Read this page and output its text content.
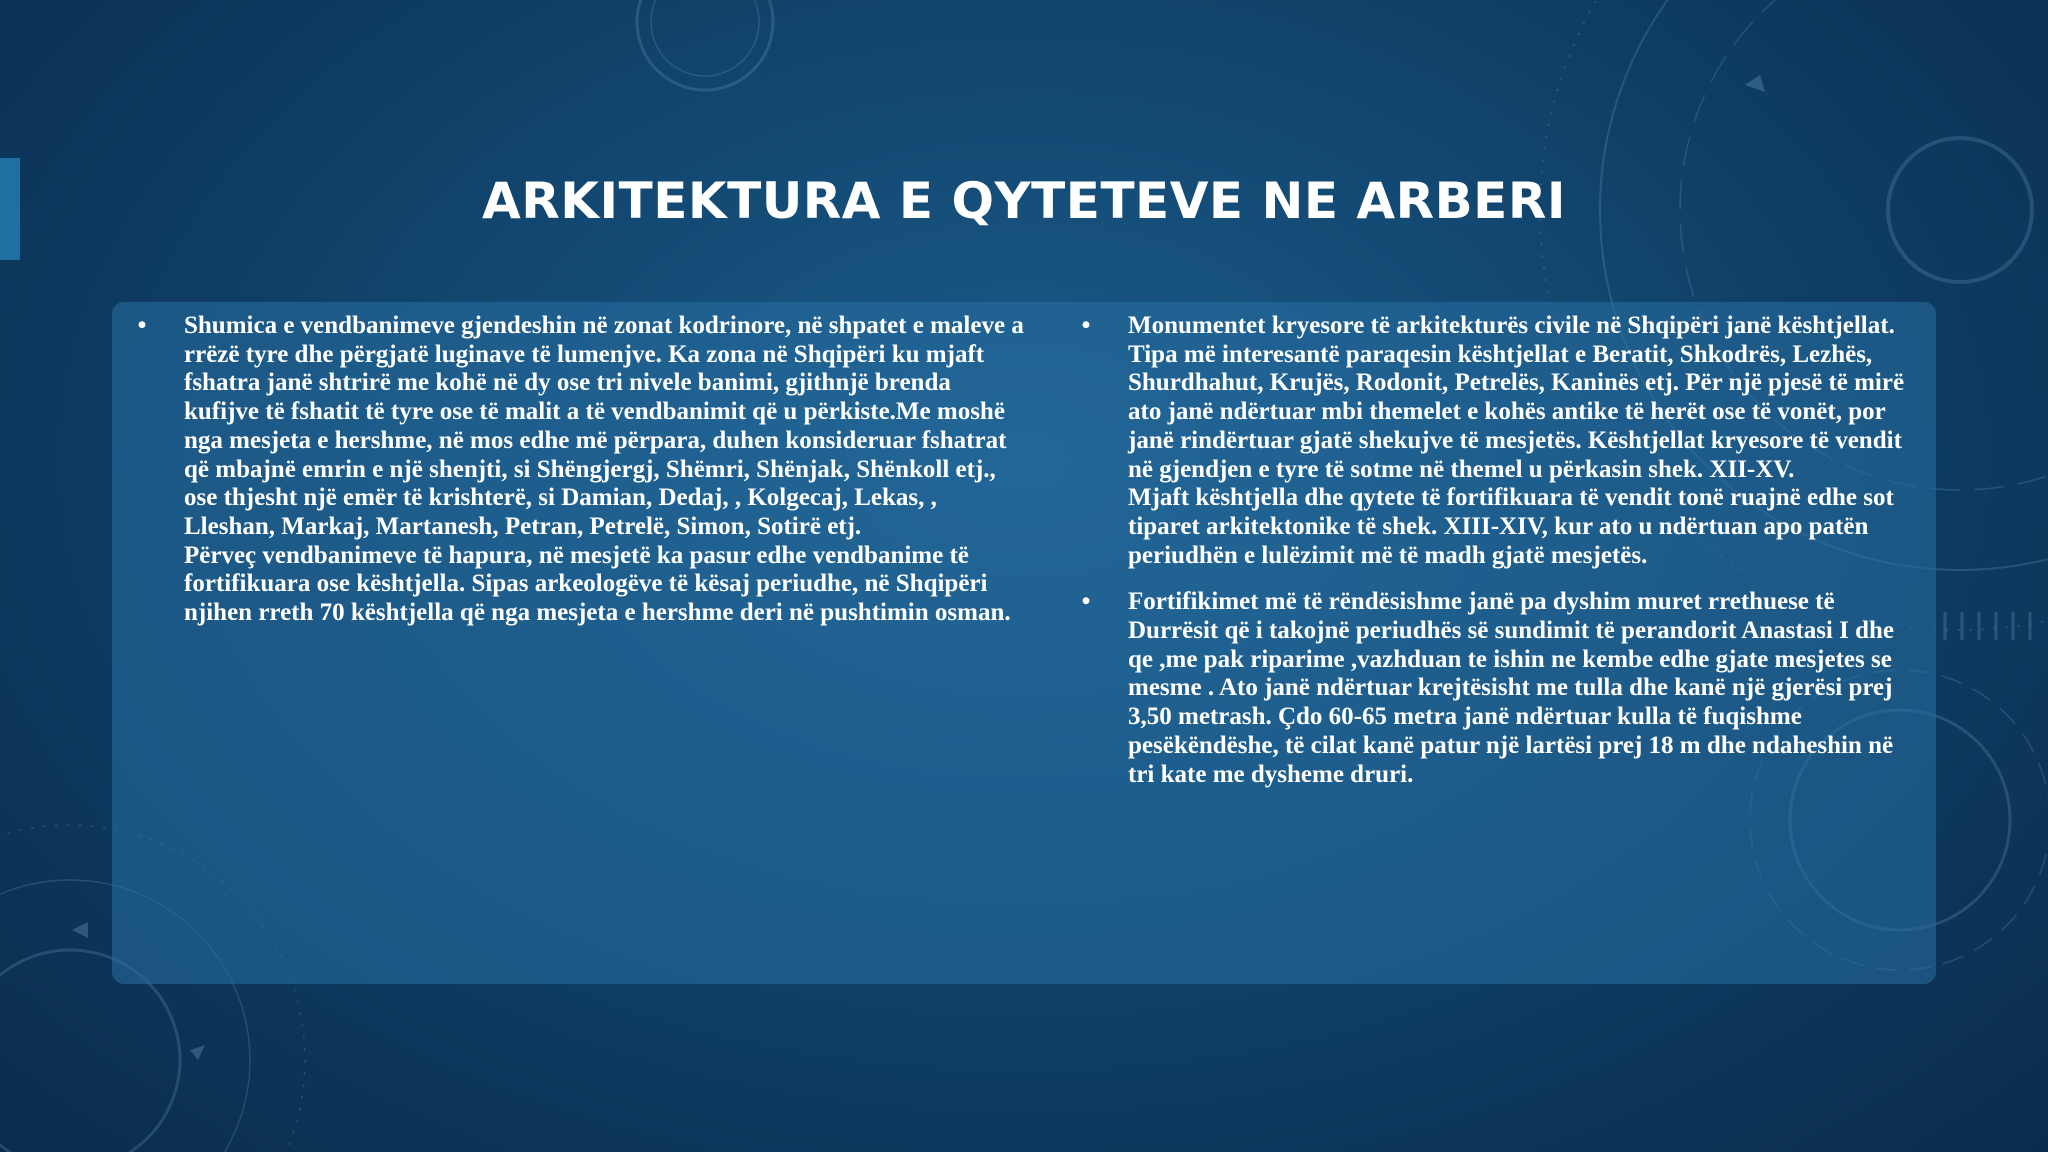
ARKITEKTURA E QYTETEVE NE ARBERI
• Shumica e vendbanimeve gjendeshin në zonat kodrinore, në shpatet e maleve a rrëzë tyre dhe përgjatë luginave të lumenjve. Ka zona në Shqipëri ku mjaft fshatra janë shtrirë me kohë në dy ose tri nivele banimi, gjithnjë brenda kufijve të fshatit të tyre ose të malit a të vendbanimit që u përkiste.Me moshë nga mesjeta e hershme, në mos edhe më përpara, duhen konsideruar fshatrat që mbajnë emrin e një shenjti, si Shëngjergj, Shëmri, Shënjak, Shënkoll etj., ose thjesht një emër të krishterë, si Damian, Dedaj, , Kolgecaj, Lekas, , Lleshan, Markaj, Martanesh, Petran, Petrelë, Simon, Sotirë etj.
Përveç vendbanimeve të hapura, në mesjetë ka pasur edhe vendbanime të fortifikuara ose kështjella. Sipas arkeologëve të kësaj periudhe, në Shqipëri njihen rreth 70 kështjella që nga mesjeta e hershme deri në pushtimin osman.
• Monumentet kryesore të arkitekturës civile në Shqipëri janë kështjellat. Tipa më interesantë paraqesin kështjellat e Beratit, Shkodrës, Lezhës, Shurdhahut, Krujës, Rodonit, Petrelës, Kaninës etj. Për një pjesë të mirë ato janë ndërtuar mbi themelet e kohës antike të herët ose të vonët, por janë rindërtuar gjatë shekujve të mesjetës. Kështjellat kryesore të vendit në gjendjen e tyre të sotme në themel u përkasin shek. XII-XV.
Mjaft kështjella dhe qytete të fortifikuara të vendit tonë ruajnë edhe sot tiparet arkitektonike të shek. XIII-XIV, kur ato u ndërtuan apo patën periudhën e lulëzimit më të madh gjatë mesjetës.
• Fortifikimet më të rëndësishme janë pa dyshim muret rrethuese të Durrësit që i takojnë periudhës së sundimit të perandorit Anastasi I dhe qe ,me pak riparime ,vazhduan te ishin ne kembe edhe gjate mesjetes se mesme . Ato janë ndërtuar krejtësisht me tulla dhe kanë një gjerësi prej 3,50 metrash. Çdo 60-65 metra janë ndërtuar kulla të fuqishme pesëkëndëshe, të cilat kanë patur një lartësi prej 18 m dhe ndaheshin në tri kate me dysheme druri.
